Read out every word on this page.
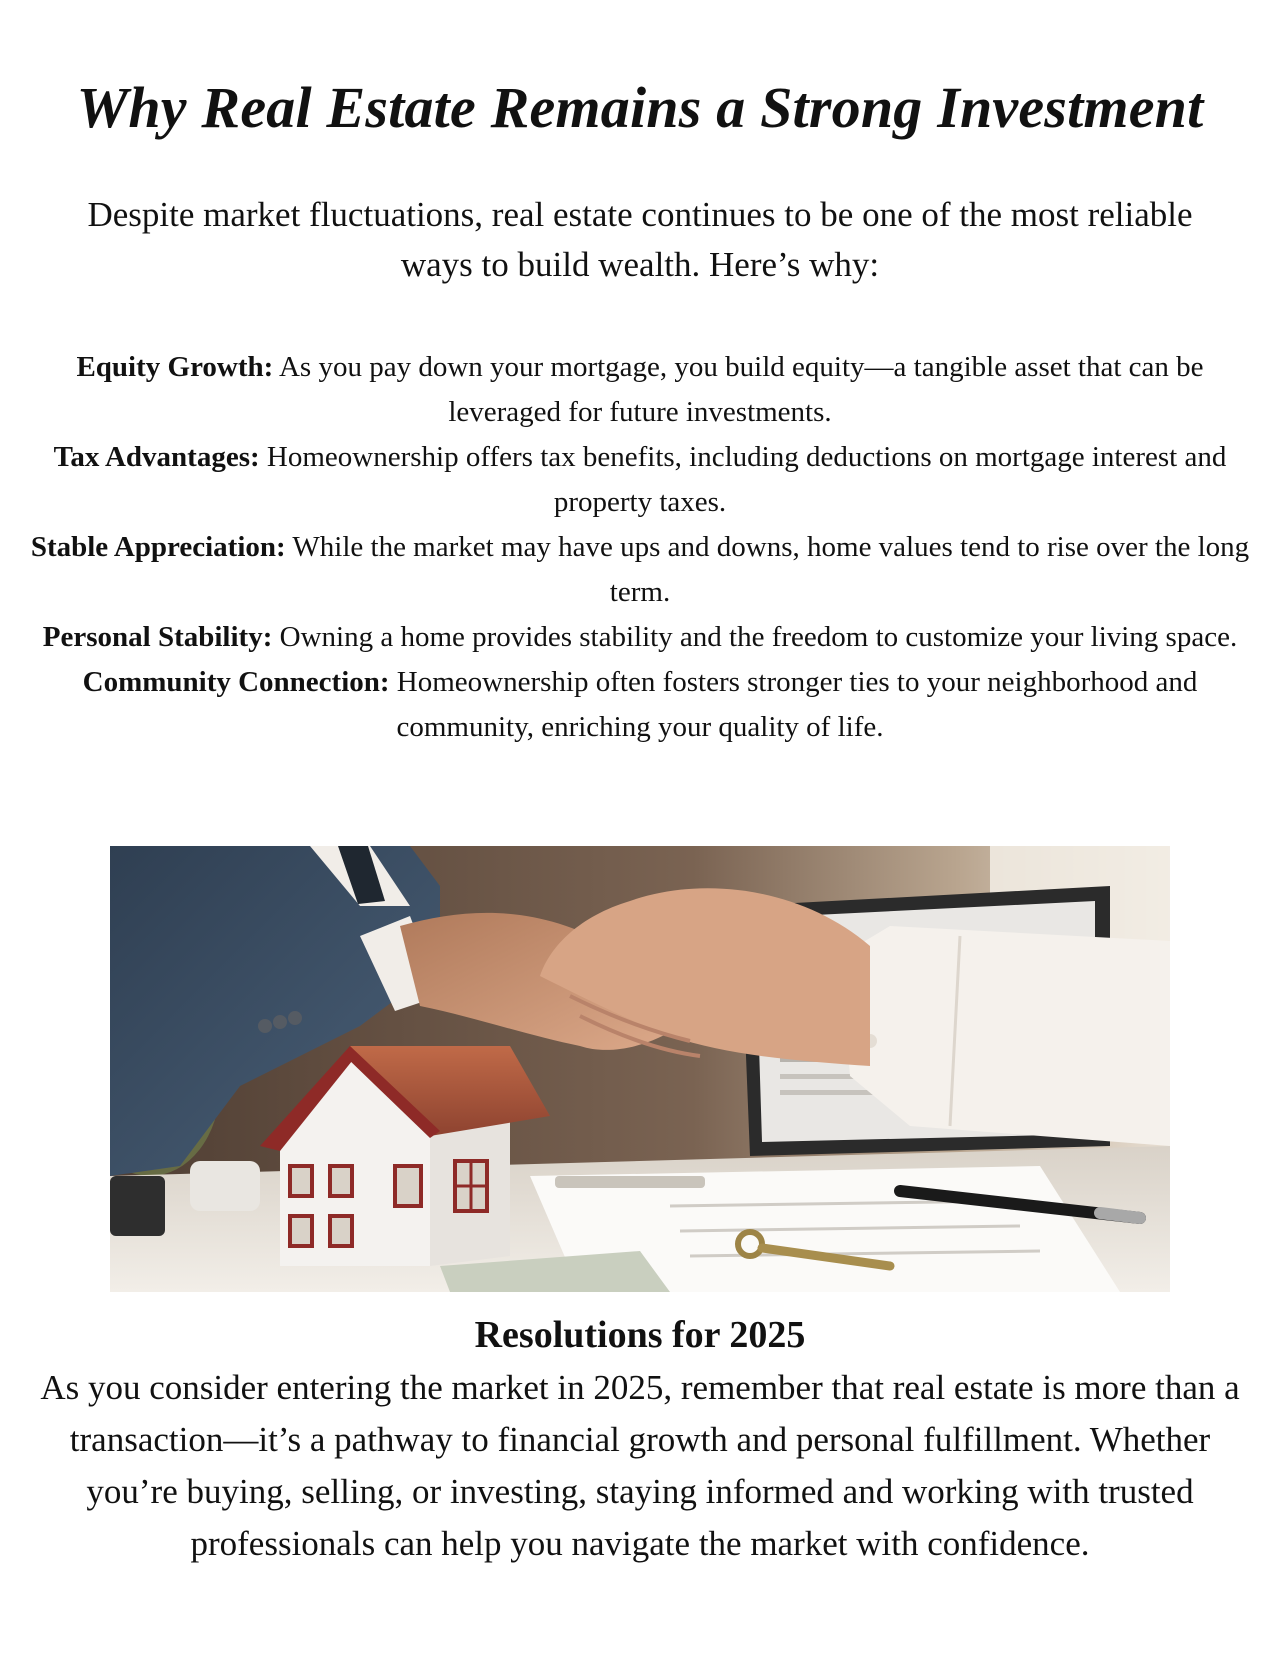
Why Real Estate Remains a Strong Investment

Despite market fluctuations, real estate continues to be one of the most reliable ways to build wealth. Here’s why:

Equity Growth: As you pay down your mortgage, you build equity—a tangible asset that can be leveraged for future investments.
Tax Advantages: Homeownership offers tax benefits, including deductions on mortgage interest and property taxes.
Stable Appreciation: While the market may have ups and downs, home values tend to rise over the long term.
Personal Stability: Owning a home provides stability and the freedom to customize your living space.
Community Connection: Homeownership often fosters stronger ties to your neighborhood and community, enriching your quality of life.
Resolutions for 2025

As you consider entering the market in 2025, remember that real estate is more than a transaction—it’s a pathway to financial growth and personal fulfillment. Whether you’re buying, selling, or investing, staying informed and working with trusted professionals can help you navigate the market with confidence.
